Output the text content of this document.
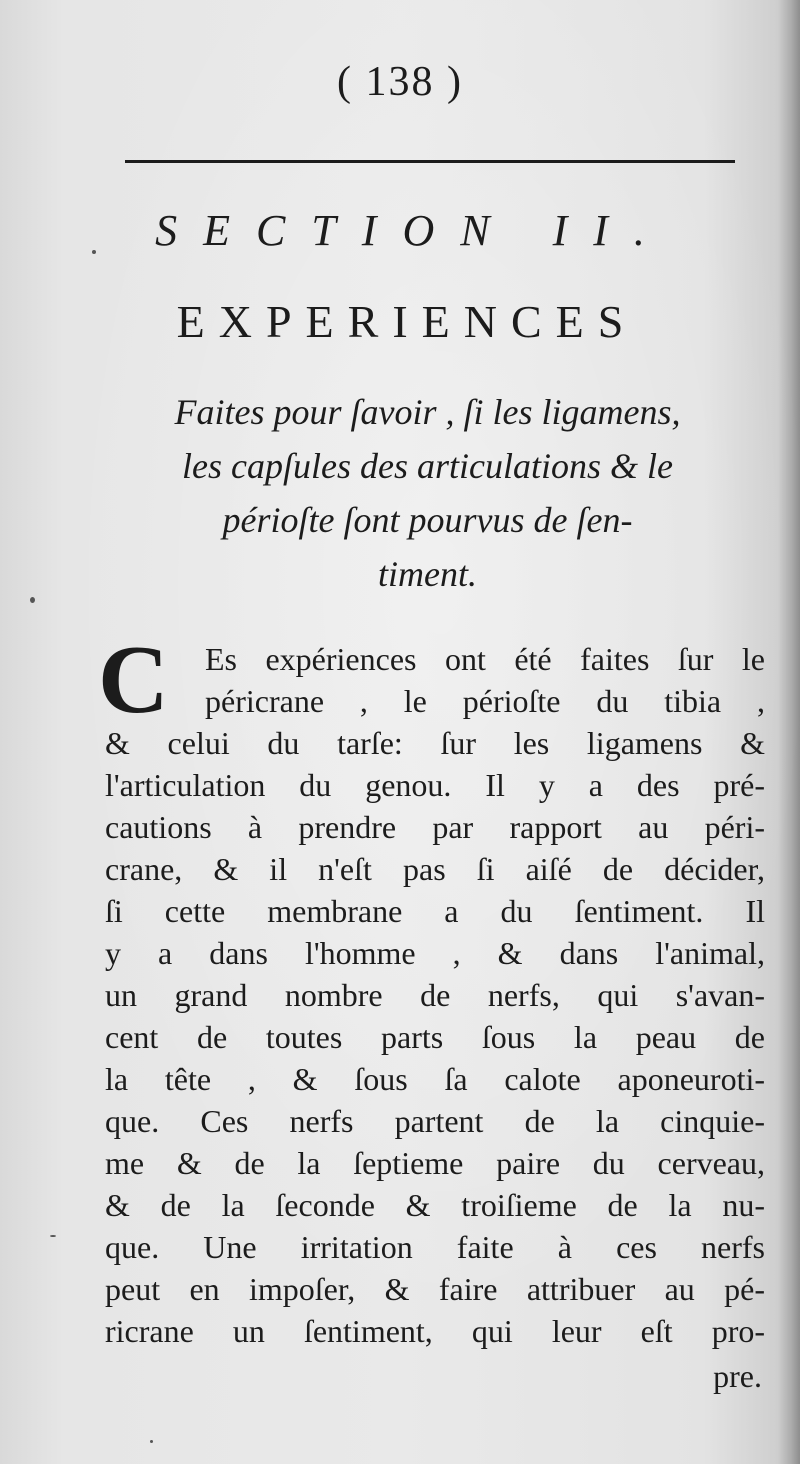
( 138 )
SECTION II.
EXPERIENCES
Faites pour ſavoir , ſi les ligamens,
les capſules des articulations & le
périoſte ſont pourvus de ſen-
timent.
C	Es expériences ont été faites ſur le
péricrane , le périoſte du tibia ,
& celui du tarſe: ſur les ligamens &
l'articulation du genou. Il y a des pré-
cautions à prendre par rapport au péri-
crane, & il n'eſt pas ſi aiſé de décider,
ſi cette membrane a du ſentiment. Il
y a dans l'homme , & dans l'animal,
un grand nombre de nerfs, qui s'avan-
cent de toutes parts ſous la peau de
la tête , & ſous ſa calote aponeuroti-
que. Ces nerfs partent de la cinquie-
me & de la ſeptieme paire du cerveau,
& de la ſeconde & troiſieme de la nu-
que. Une irritation faite à ces nerfs
peut en impoſer, & faire attribuer au pé-
ricrane un ſentiment, qui leur eſt pro-
pre.
